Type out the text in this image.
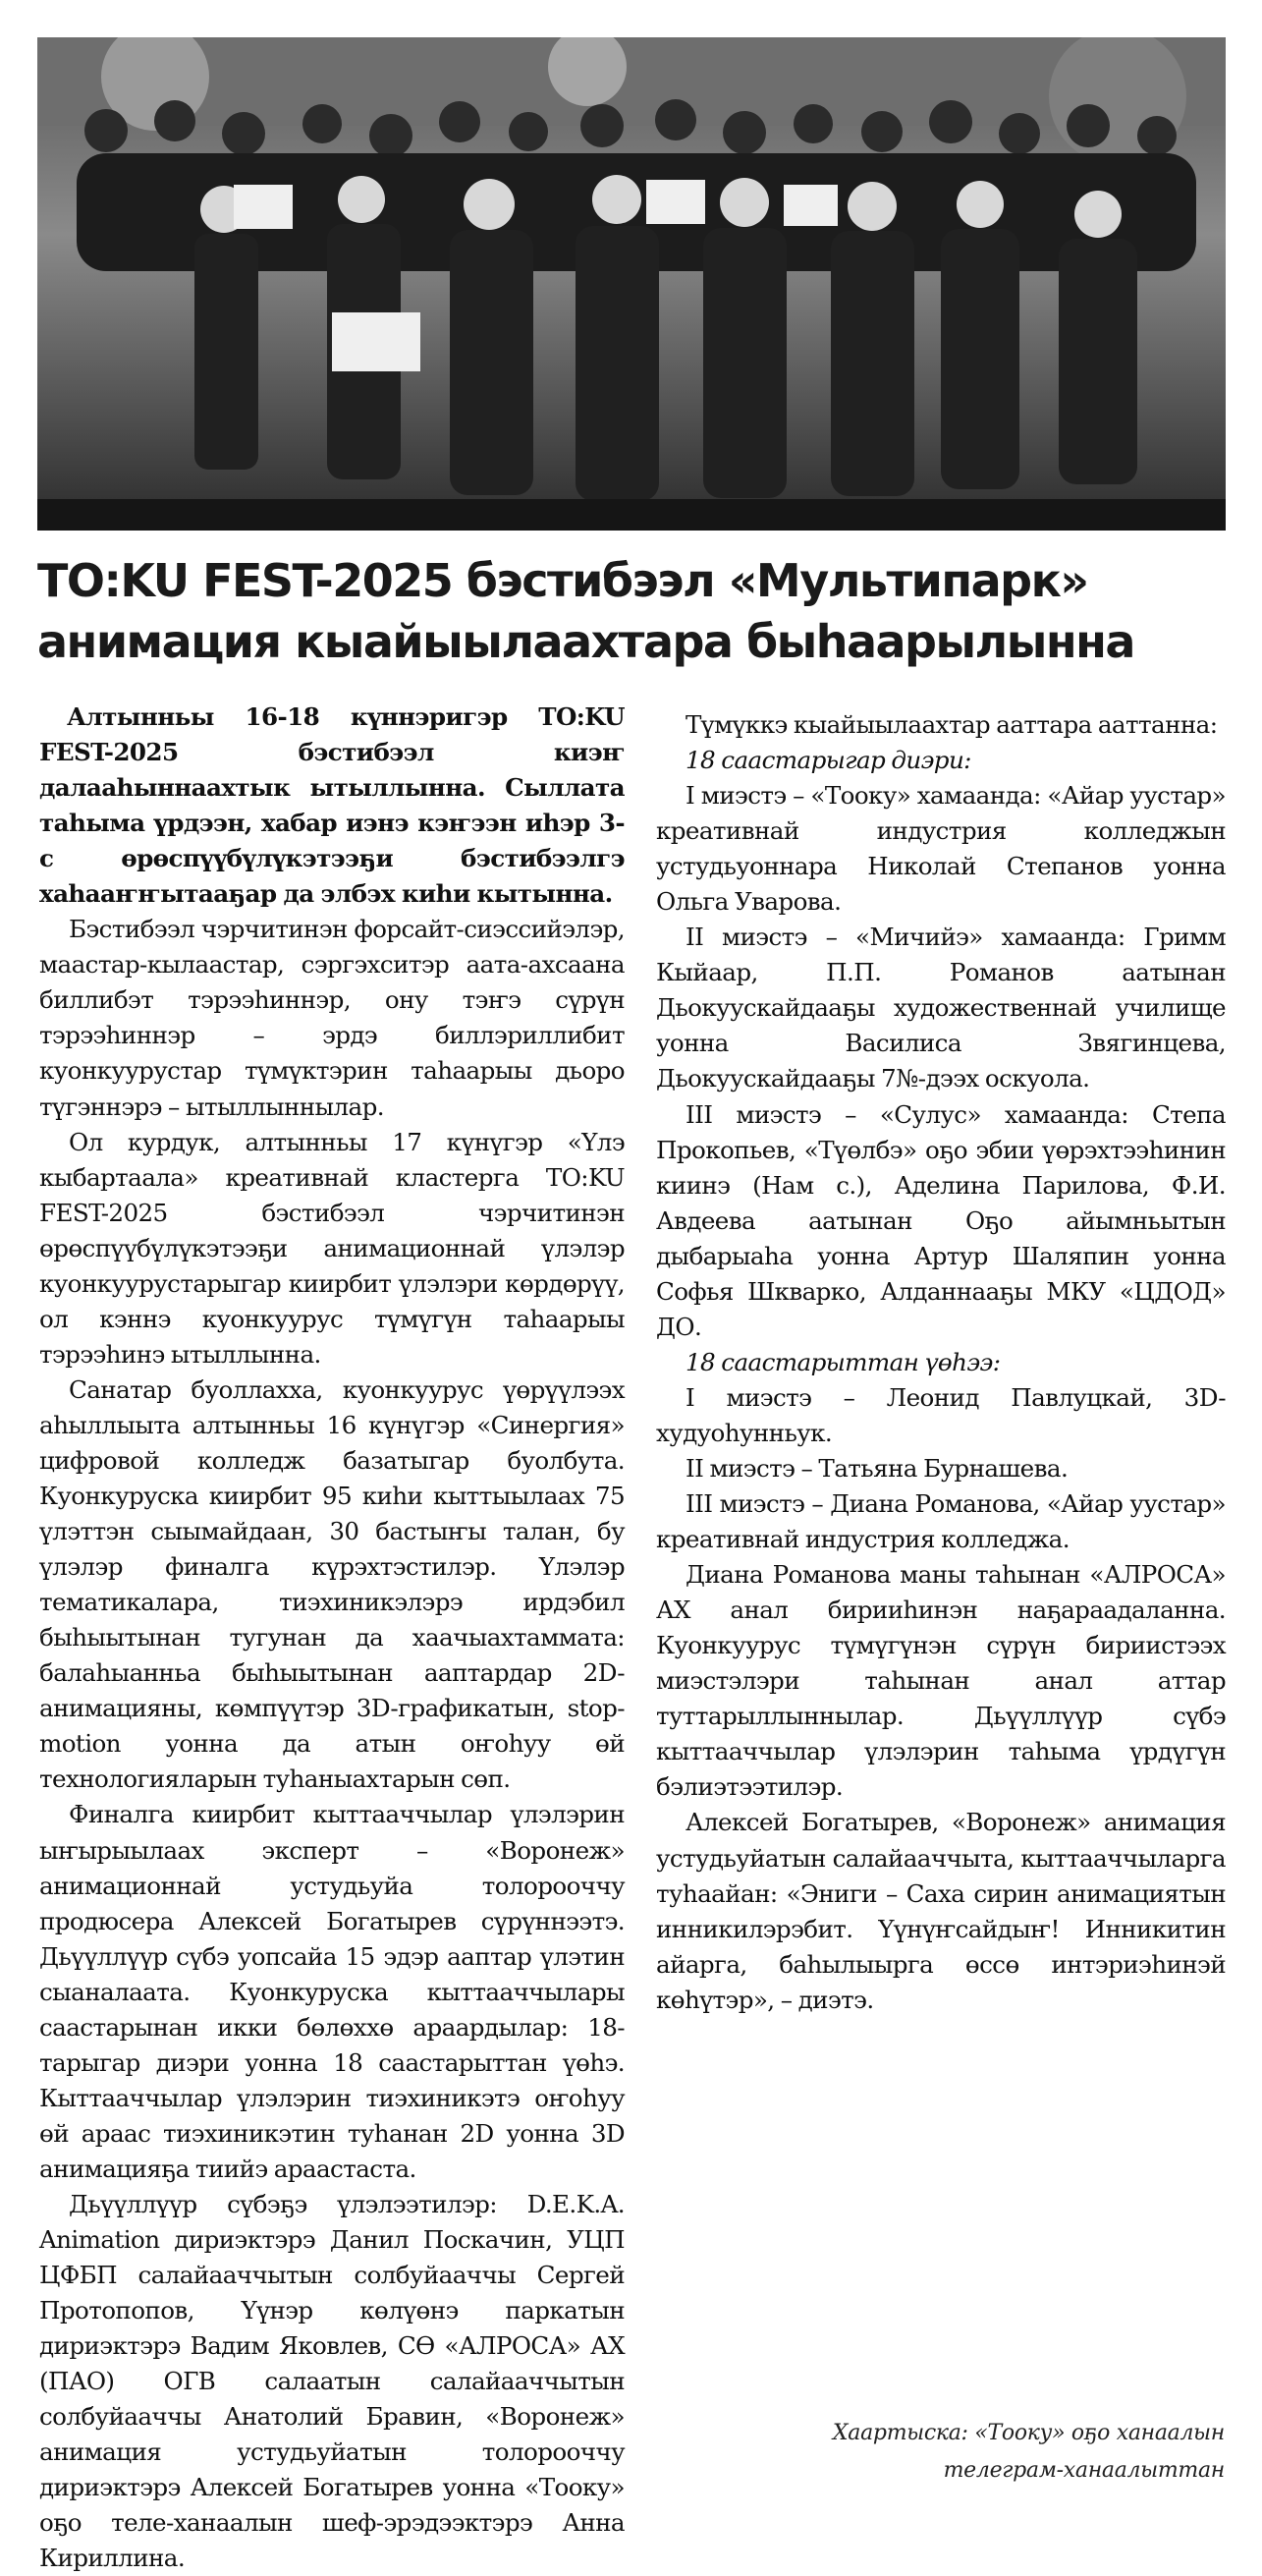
TO:KU FEST-2025 бэстибээл «Мультипарк»
анимация кыайыылаахтара быһаарылынна

Алтынньы 16-18 күннэригэр TO:KU FEST-2025 бэстибээл киэҥ далааһыннаахтык ытыллынна. Сыллата таһыма үрдээн, хабар иэнэ кэҥээн иһэр 3-с өрөспүүбүлүкэтээҕи бэстибээлгэ хаһааҥҥытааҕар да элбэх киһи кытынна.

Бэстибээл чэрчитинэн форсайт-сиэссийэлэр, маастар-кылаастар, сэргэхситэр аата-ахсаана биллибэт тэрээһиннэр, ону тэҥэ сүрүн тэрээһиннэр – эрдэ биллэриллибит куонкуурустар түмүктэрин таһаарыы дьоро түгэннэрэ – ытыллыннылар.

Ол курдук, алтынньы 17 күнүгэр «Үлэ кыбартаала» креативнай кластерга TO:KU FEST-2025 бэстибээл чэрчитинэн өрөспүүбүлүкэтээҕи анимационнай үлэлэр куонкуурустарыгар киирбит үлэлэри көрдөрүү, ол кэннэ куонкуурус түмүгүн таһаарыы тэрээһинэ ытыллынна.

Санатар буоллахха, куонкуурус үөрүүлээх аһыллыыта алтынньы 16 күнүгэр «Синергия» цифровой колледж базатыгар буолбута. Куонкуруска киирбит 95 киһи кыттыылаах 75 үлэттэн сыымайдаан, 30 бастыҥы талан, бу үлэлэр финалга күрэхтэстилэр. Үлэлэр тематикалара, тиэхиникэлэрэ ирдэбил быһыытынан тугунан да хаачыахтаммата: балаһыанньа быһыытынан ааптардар 2D-анимацияны, көмпүүтэр 3D-графикатын, stop-motion уонна да атын оҥоһуу өй технологияларын туһаныахтарын сөп.

Финалга киирбит кыттааччылар үлэлэрин ыҥырыылаах эксперт – «Воронеж» анимационнай устудьуйа толорооччу продюсера Алексей Богатырев сүрүннээтэ. Дьүүллүүр сүбэ уопсайа 15 эдэр ааптар үлэтин сыаналаата. Куонкуруска кыттааччылары саастарынан икки бөлөххө араардылар: 18-тарыгар диэри уонна 18 саастарыттан үөһэ. Кыттааччылар үлэлэрин тиэхиникэтэ оҥоһуу өй араас тиэхиникэтин туһанан 2D уонна 3D анимацияҕа тиийэ араастаста.

Дьүүллүүр сүбэҕэ үлэлээтилэр: D.E.K.A. Animation дириэктэрэ Данил Поскачин, УЦП ЦФБП салайааччытын солбуйааччы Сергей Протопопов, Үүнэр көлүөнэ паркатын дириэктэрэ Вадим Яковлев, СӨ «АЛРОСА» АХ (ПАО) ОГВ салаатын салайааччытын солбуйааччы Анатолий Бравин, «Воронеж» анимация устудьуйатын толорооччу дириэктэрэ Алексей Богатырев уонна «Тооку» оҕо теле-ханаалын шеф-эрэдээктэрэ Анна Кириллина.

Түмүккэ кыайыылаахтар ааттара ааттанна:

18 саастарыгар диэри:

I миэстэ – «Тооку» хамаанда: «Айар уустар» креативнай индустрия колледжын устудьуоннара Николай Степанов уонна Ольга Уварова.

II миэстэ – «Мичийэ» хамаанда: Гримм Кыйаар, П.П. Романов аатынан Дьокуускайдааҕы художественнай училище уонна Василиса Звягинцева, Дьокуускайдааҕы 7№-дээх оскуола.

III миэстэ – «Сулус» хамаанда: Степа Прокопьев, «Түөлбэ» оҕо эбии үөрэхтээһинин киинэ (Нам с.), Аделина Парилова, Ф.И. Авдеева аатынан Оҕо айымньытын дыбарыаһа уонна Артур Шаляпин уонна Софья Шкварко, Алданнааҕы МКУ «ЦДОД» ДО.

18 саастарыттан үөһээ:

I миэстэ – Леонид Павлуцкай, 3D-худуоһунньук.

II миэстэ – Татьяна Бурнашева.

III миэстэ – Диана Романова, «Айар уустар» креативнай индустрия колледжа.

Диана Романова маны таһынан «АЛРОСА» АХ анал бирииһинэн наҕараадаланна. Куонкуурус түмүгүнэн сүрүн бириистээх миэстэлэри таһынан анал аттар туттарыллыннылар. Дьүүллүүр сүбэ кыттааччылар үлэлэрин таһыма үрдүгүн бэлиэтээтилэр.

Алексей Богатырев, «Воронеж» анимация устудьуйатын салайааччыта, кыттааччыларга туһаайан: «Эниги – Саха сирин анимациятын инникилэрэбит. Үүнүҥсайдыҥ! Инникитин айарга, баһылыырга өссө интэриэһинэй көһүтэр», – диэтэ.

Хаартыска: «Тооку» оҕо ханаалын
телеграм-ханаалыттан
